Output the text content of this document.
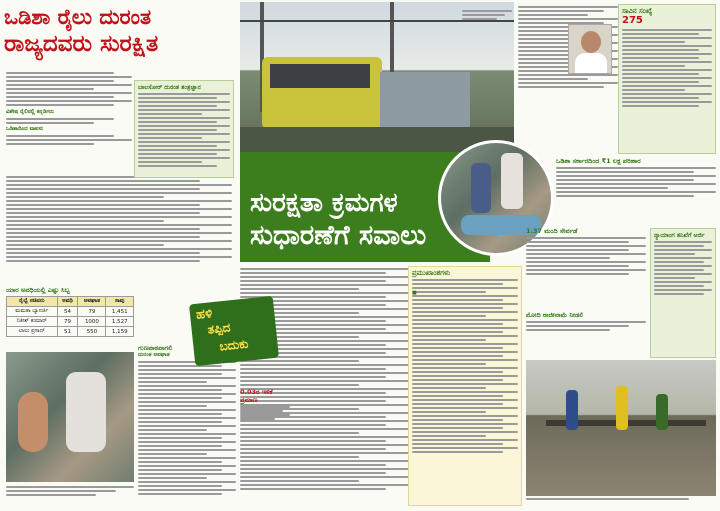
ಒಡಿಶಾ ರೈಲು ದುರಂತ
ರಾಜ್ಯದವರು ಸುರಕ್ಷಿತ
ವಿಶೇಷ ರೈಲಿನಲ್ಲಿ ಕನ್ನಡಿಗರು
ಒಡಿಶಾದಿಂದ ವಾಪಸು
ಬಾಲಸೋರ್ ದುರಂತ ತಂತ್ರಜ್ಞಾನ
ಯಾರ ಅವಧಿಯಲ್ಲಿ ಎಷ್ಟು ಸಿಬ್ಬ
ರೈಲ್ವೆ ಸಚಿವರು	ಅವಧಿ	ಅಪಘಾತ	ಸಾವು
ಮಮತಾ ಬ್ಯಾನರ್ಜಿ	54	79	1,451
ನಿತೀಶ್ ಕುಮಾರ್	79	1000	1,527
ಲಾಲು ಪ್ರಸಾದ್	51	550	1,159
ಗುಣಪಾಠವಾಗಲಿ
ದುರಂತ ಅಪಘಾತ
ಸುರಕ್ಷತಾ ಕ್ರಮಗಳ
ಸುಧಾರಣೆಗೆ ಸವಾಲು
ಹಳಿ
ತಪ್ಪಿದ
ಬದುಕು
0.03ರ ಇಳಿಕೆ ಪ್ರಮಾಣ
ಪ್ರಮುಖಾಂಶಗಳು
■
ಸಾವಿನ ಸಂಖ್ಯೆ
275
ಒಡಿಶಾ ಸರ್ಕಾರದಿಂದ ₹1 ಲಕ್ಷ ಪರಿಹಾರ
1.37 ಮಂದಿ ಸೇರ್ಪಡೆ
ಮೋದಿ ರಾಜೀನಾಮೆ ನೀಡಲಿ
ನ್ಯಾಯಾಂಗ ತನಿಖೆಗೆ ಅರ್ಜಿ
